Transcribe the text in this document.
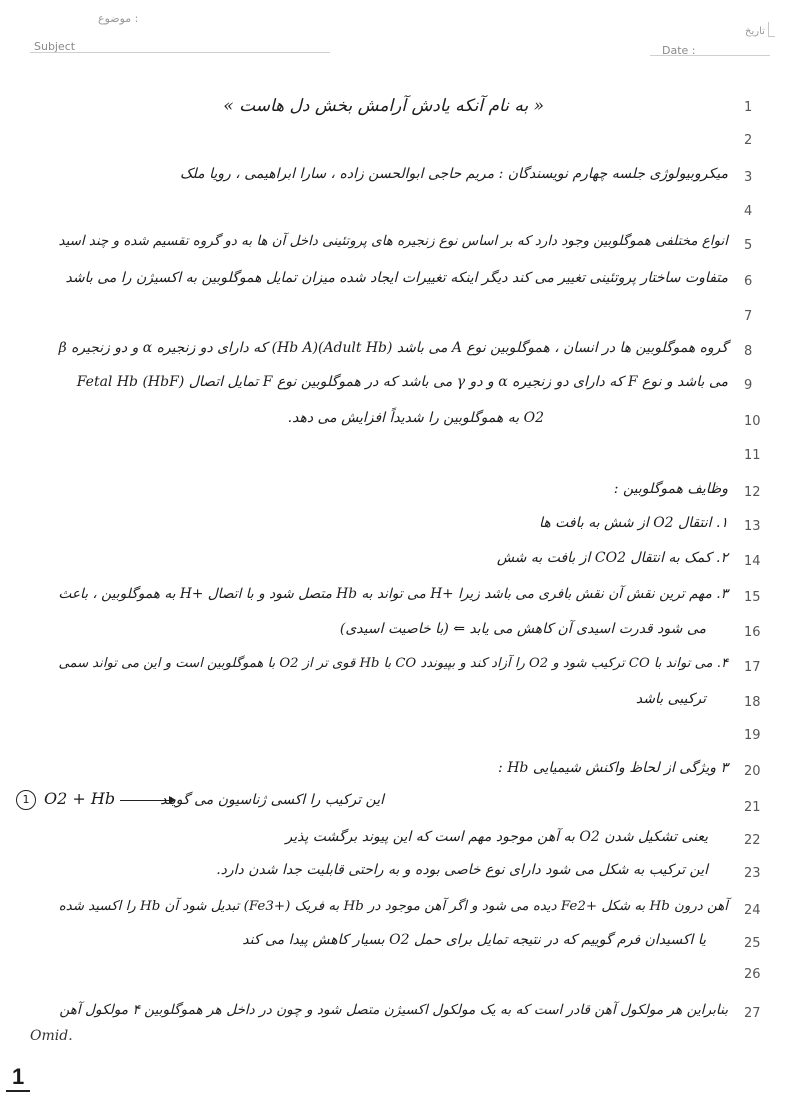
موضوع :
Subject
تاریخ
Date :
1
« به نام آنکه یادش آرامش بخش دل هاست »
2
3
میکروبیولوژی جلسه چهارم نویسندگان : مریم حاجی ابوالحسن زاده ، سارا ابراهیمی ، رویا ملک
4
5
انواع مختلفی هموگلوبین وجود دارد که بر اساس نوع زنجیره های پروتئینی داخل آن ها به دو گروه تقسیم شده و چند اسید
6
متفاوت ساختار پروتئینی تغییر می کند دیگر اینکه تغییرات ایجاد شده میزان تمایل هموگلوبین به اکسیژن را می باشد
7
8
گروه هموگلوبین ها در انسان ، هموگلوبین نوع A می باشد (Adult Hb)(Hb A) که دارای دو زنجیره α و دو زنجیره β
9
می باشد و نوع F که دارای دو زنجیره α و دو γ می باشد که در هموگلوبین نوع F تمایل اتصال Fetal Hb (HbF)
10
O2 به هموگلوبین را شدیداً افزایش می دهد.
11
12
وظایف هموگلوبین :
13
۱. انتقال O2 از شش به بافت ها
14
۲. کمک به انتقال CO2 از بافت به شش
15
۳. مهم ترین نقش آن نقش بافری می باشد زیرا +H می تواند به Hb متصل شود و با اتصال +H به هموگلوبین ، باعث
16
می شود قدرت اسیدی آن کاهش می یابد ⇐ (با خاصیت اسیدی)
17
۴. می تواند با CO ترکیب شود و O2 را آزاد کند و بپیوندد CO با Hb قوی تر از O2 با هموگلوبین است و این می تواند سمی
18
ترکیبی باشد
19
20
۳ ویژگی از لحاظ واکنش شیمیایی Hb :
21
این ترکیب را اکسی ژناسیون می گویند
22
یعنی تشکیل شدن O2 به آهن موجود مهم است که این پیوند برگشت پذیر
23
این ترکیب به شکل می شود دارای نوع خاصی بوده و به راحتی قابلیت جدا شدن دارد.
24
آهن درون Hb به شکل +Fe2 دیده می شود و اگر آهن موجود در Hb به فریک (+Fe3) تبدیل شود آن Hb را اکسید شده
25
یا اکسیدان فرم گوییم که در نتیجه تمایل برای حمل O2 بسیار کاهش پیدا می کند
26
27
بنابراین هر مولکول آهن قادر است که به یک مولکول اکسیژن متصل شود و چون در داخل هر هموگلوبین ۴ مولکول آهن
1 O2 + Hb →
Omid.
1
